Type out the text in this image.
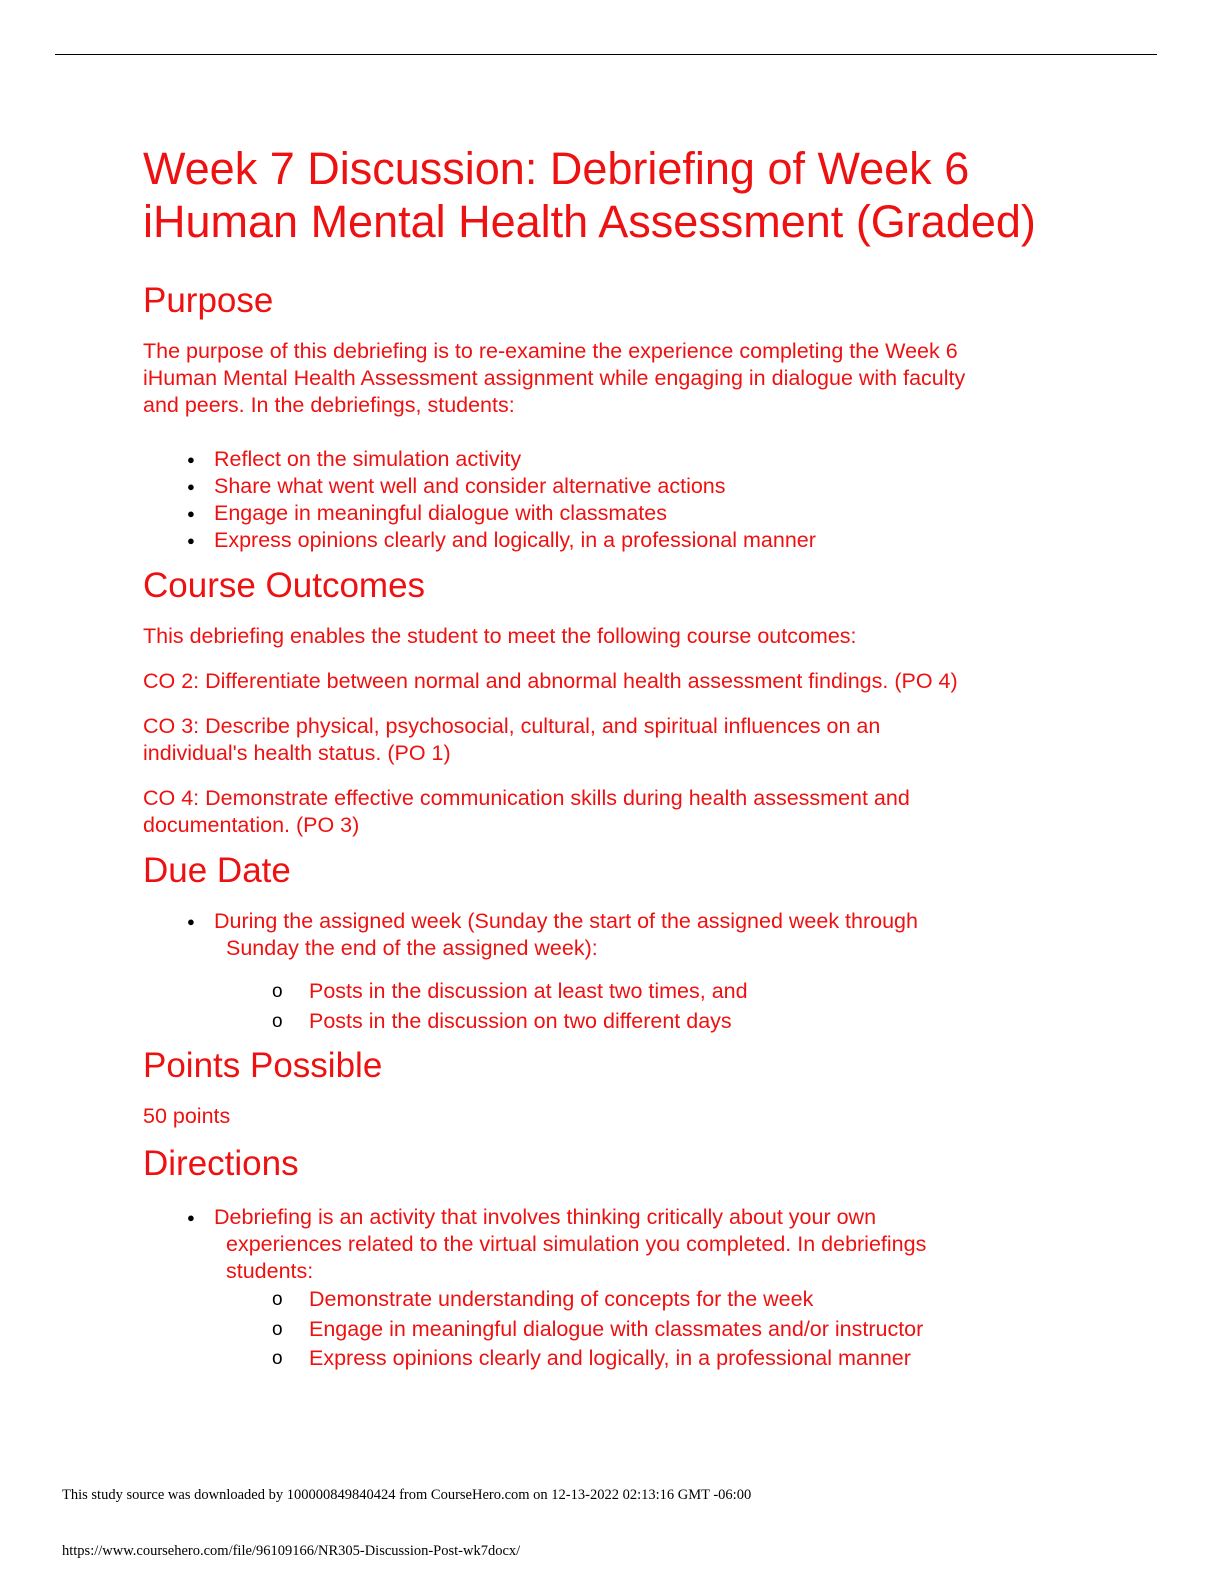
Week 7 Discussion: Debriefing of Week 6
iHuman Mental Health Assessment (Graded)
Purpose

The purpose of this debriefing is to re-examine the experience completing the Week 6
iHuman Mental Health Assessment assignment while engaging in dialogue with faculty
and peers. In the debriefings, students:

● Reflect on the simulation activity
● Share what went well and consider alternative actions
● Engage in meaningful dialogue with classmates
● Express opinions clearly and logically, in a professional manner
Course Outcomes

This debriefing enables the student to meet the following course outcomes:

CO 2: Differentiate between normal and abnormal health assessment findings. (PO 4)

CO 3: Describe physical, psychosocial, cultural, and spiritual influences on an
individual's health status. (PO 1)

CO 4: Demonstrate effective communication skills during health assessment and
documentation. (PO 3)

Due Date
● During the assigned week (Sunday the start of the assigned week through
Sunday the end of the assigned week):
o Posts in the discussion at least two times, and
o Posts in the discussion on two different days
Points Possible

50 points

Directions
● Debriefing is an activity that involves thinking critically about your own
experiences related to the virtual simulation you completed. In debriefings
students:
o Demonstrate understanding of concepts for the week
o Engage in meaningful dialogue with classmates and/or instructor
o Express opinions clearly and logically, in a professional manner
This study source was downloaded by 100000849840424 from CourseHero.com on 12-13-2022 02:13:16 GMT -06:00
https://www.coursehero.com/file/96109166/NR305-Discussion-Post-wk7docx/
